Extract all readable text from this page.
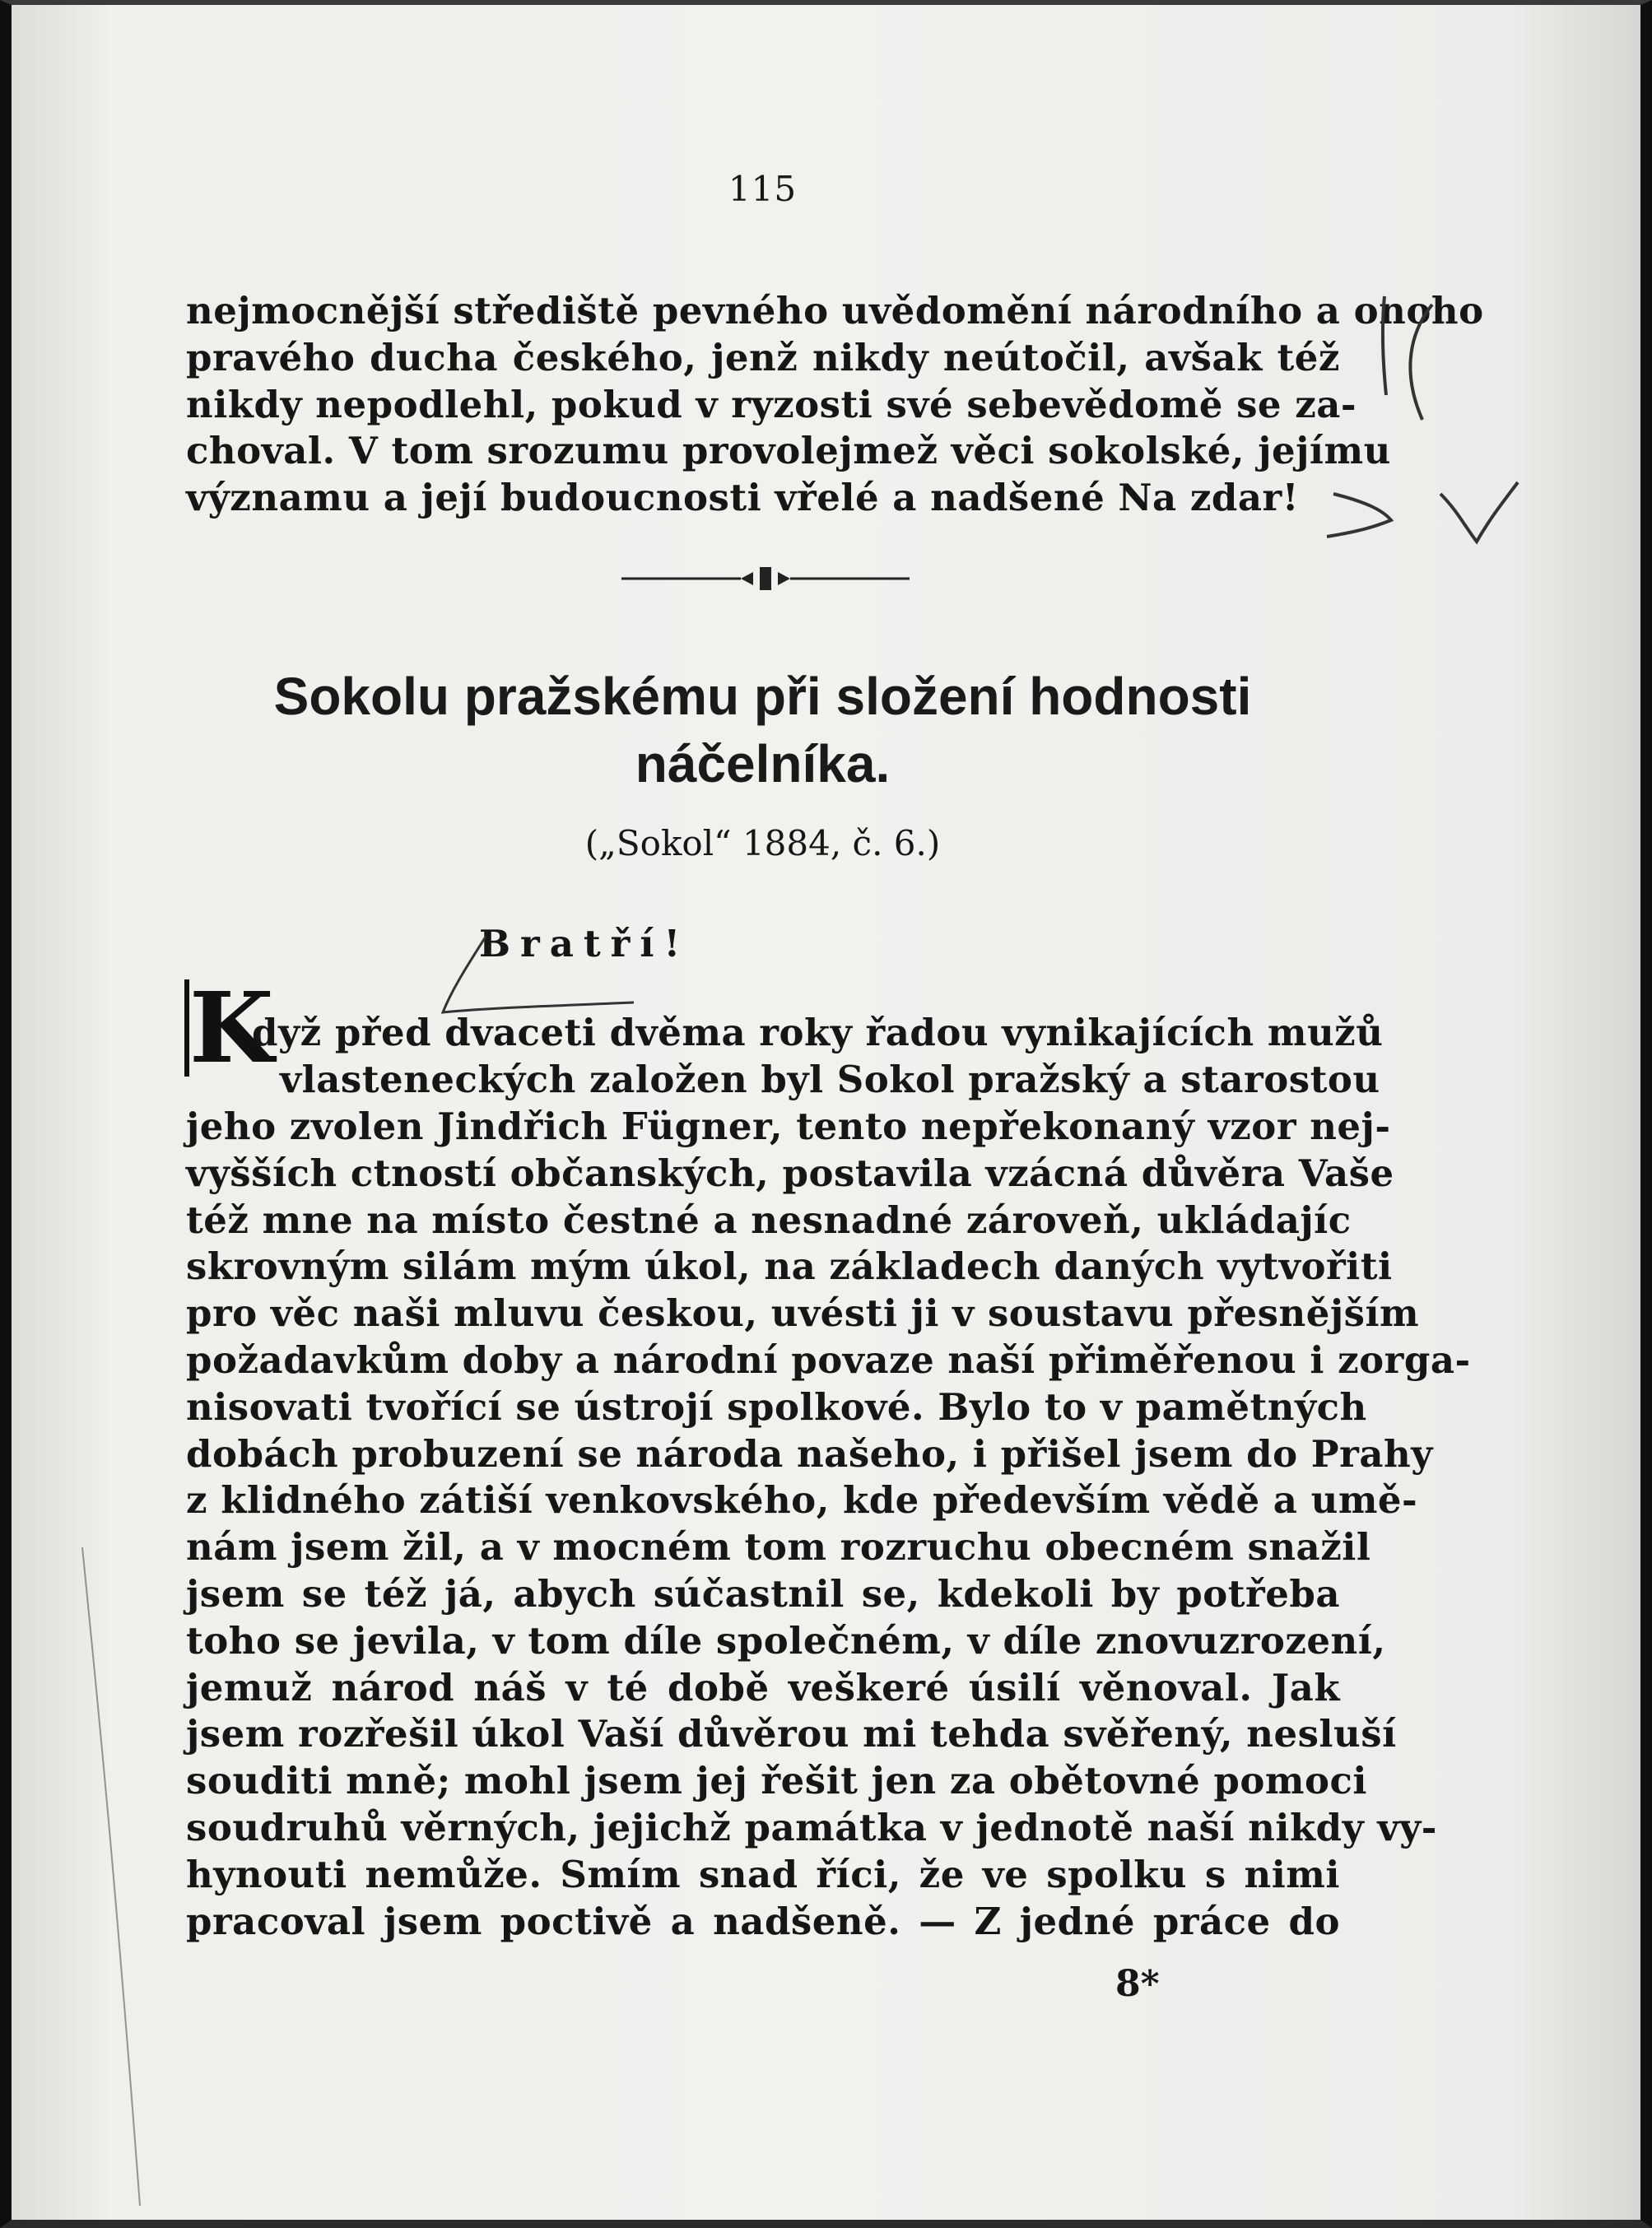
115
nejmocnější střediště pevného uvědomění národního a onoho
pravého ducha českého, jenž nikdy neútočil, avšak též
nikdy nepodlehl, pokud v ryzosti své sebevědomě se za-
choval. V tom srozumu provolejmež věci sokolské, jejímu
významu a její budoucnosti vřelé a nadšené Na zdar!
Sokolu pražskému při složení hodnosti
náčelníka.
(„Sokol“ 1884, č. 6.)
Bratří!
K
dyž před dvaceti dvěma roky řadou vynikajících mužů
vlasteneckých založen byl Sokol pražský a starostou
jeho zvolen Jindřich Fügner, tento nepřekonaný vzor nej-
vyšších ctností občanských, postavila vzácná důvěra Vaše
též mne na místo čestné a nesnadné zároveň, ukládajíc
skrovným silám mým úkol, na základech daných vytvořiti
pro věc naši mluvu českou, uvésti ji v soustavu přesnějším
požadavkům doby a národní povaze naší přiměřenou i zorga-
nisovati tvořící se ústrojí spolkové. Bylo to v pamětných
dobách probuzení se národa našeho, i přišel jsem do Prahy
z klidného zátiší venkovského, kde především vědě a umě-
nám jsem žil, a v mocném tom rozruchu obecném snažil
jsem se též já, abych súčastnil se, kdekoli by potřeba
toho se jevila, v tom díle společném, v díle znovuzrození,
jemuž národ náš v té době veškeré úsilí věnoval. Jak
jsem rozřešil úkol Vaší důvěrou mi tehda svěřený, nesluší
souditi mně; mohl jsem jej řešit jen za obětovné pomoci
soudruhů věrných, jejichž památka v jednotě naší nikdy vy-
hynouti nemůže. Smím snad říci, že ve spolku s nimi
pracoval jsem poctivě a nadšeně. — Z jedné práce do
8*
